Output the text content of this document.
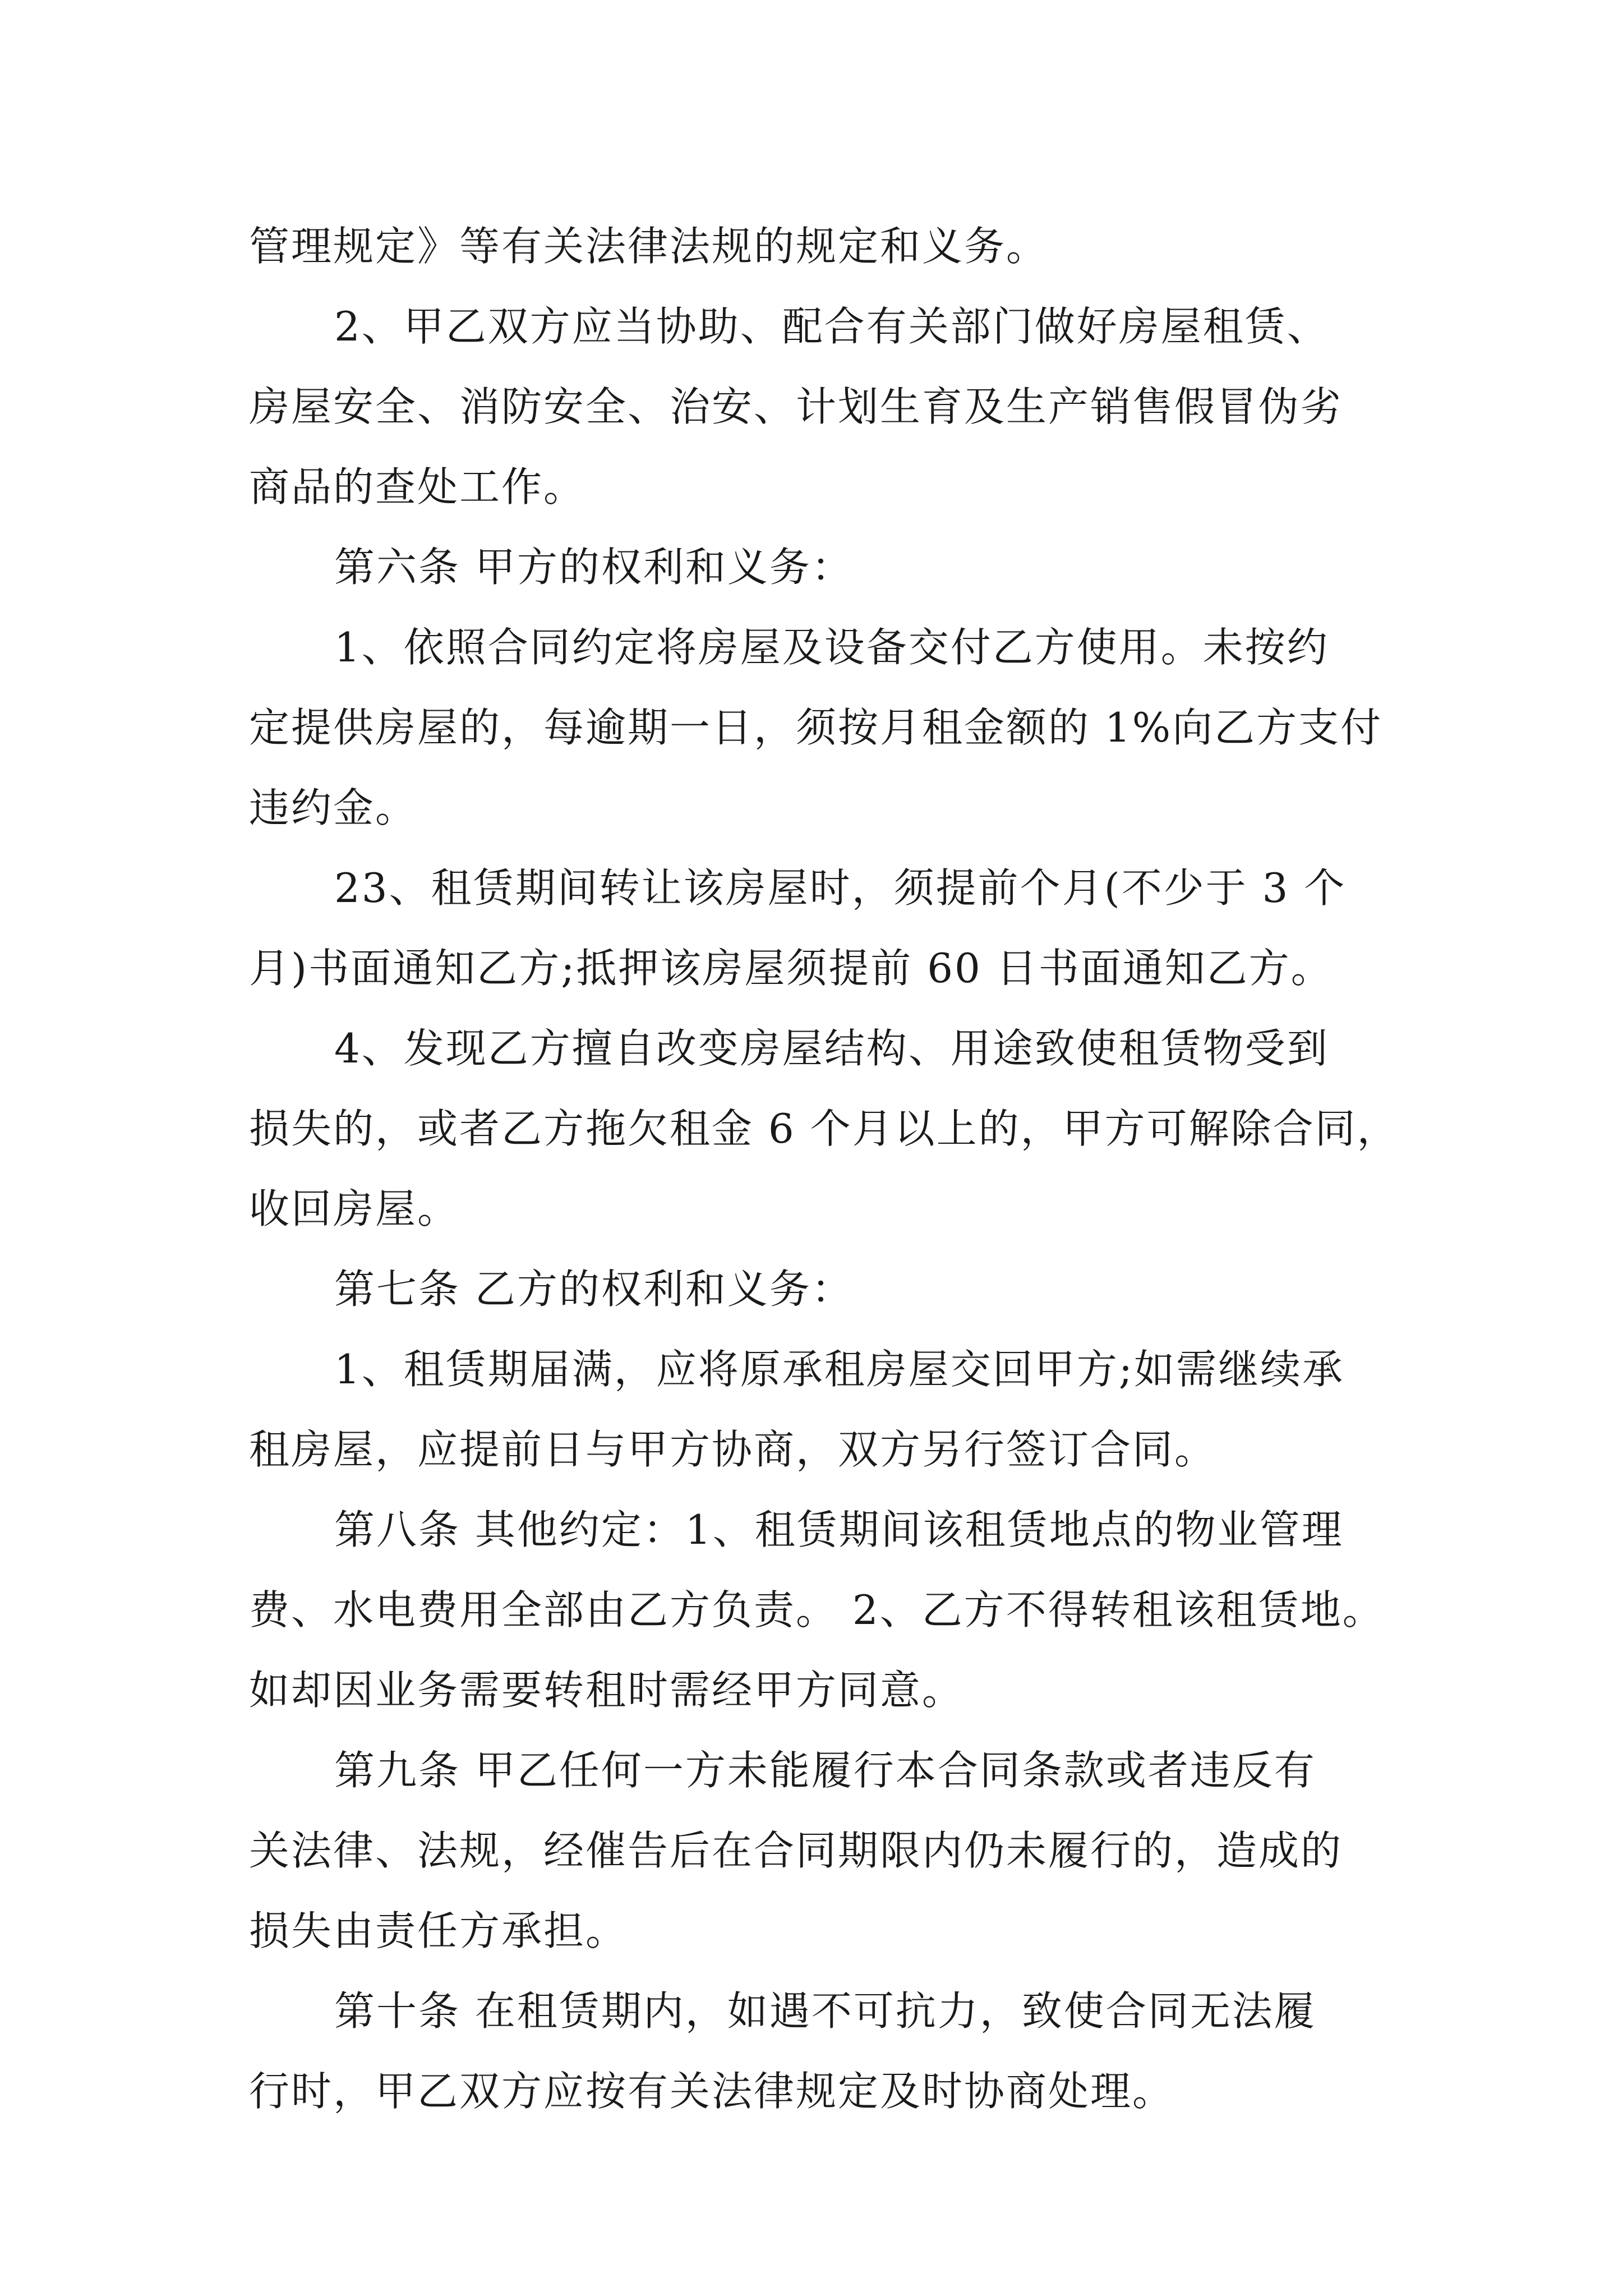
管理规定》等有关法律法规的规定和义务。
2、甲乙双方应当协助、配合有关部门做好房屋租赁、
房屋安全、消防安全、治安、计划生育及生产销售假冒伪劣
商品的查处工作。
第六条 甲方的权利和义务：
1、依照合同约定将房屋及设备交付乙方使用。未按约
定提供房屋的，每逾期一日，须按月租金额的 1%向乙方支付
违约金。
23、租赁期间转让该房屋时，须提前个月(不少于 3 个
月)书面通知乙方;抵押该房屋须提前 60 日书面通知乙方。
4、发现乙方擅自改变房屋结构、用途致使租赁物受到
损失的，或者乙方拖欠租金 6 个月以上的，甲方可解除合同，
收回房屋。
第七条 乙方的权利和义务：
1、租赁期届满，应将原承租房屋交回甲方;如需继续承
租房屋，应提前日与甲方协商，双方另行签订合同。
第八条 其他约定：1、租赁期间该租赁地点的物业管理
费、水电费用全部由乙方负责。 2、乙方不得转租该租赁地。
如却因业务需要转租时需经甲方同意。
第九条 甲乙任何一方未能履行本合同条款或者违反有
关法律、法规，经催告后在合同期限内仍未履行的，造成的
损失由责任方承担。
第十条 在租赁期内，如遇不可抗力，致使合同无法履
行时，甲乙双方应按有关法律规定及时协商处理。
